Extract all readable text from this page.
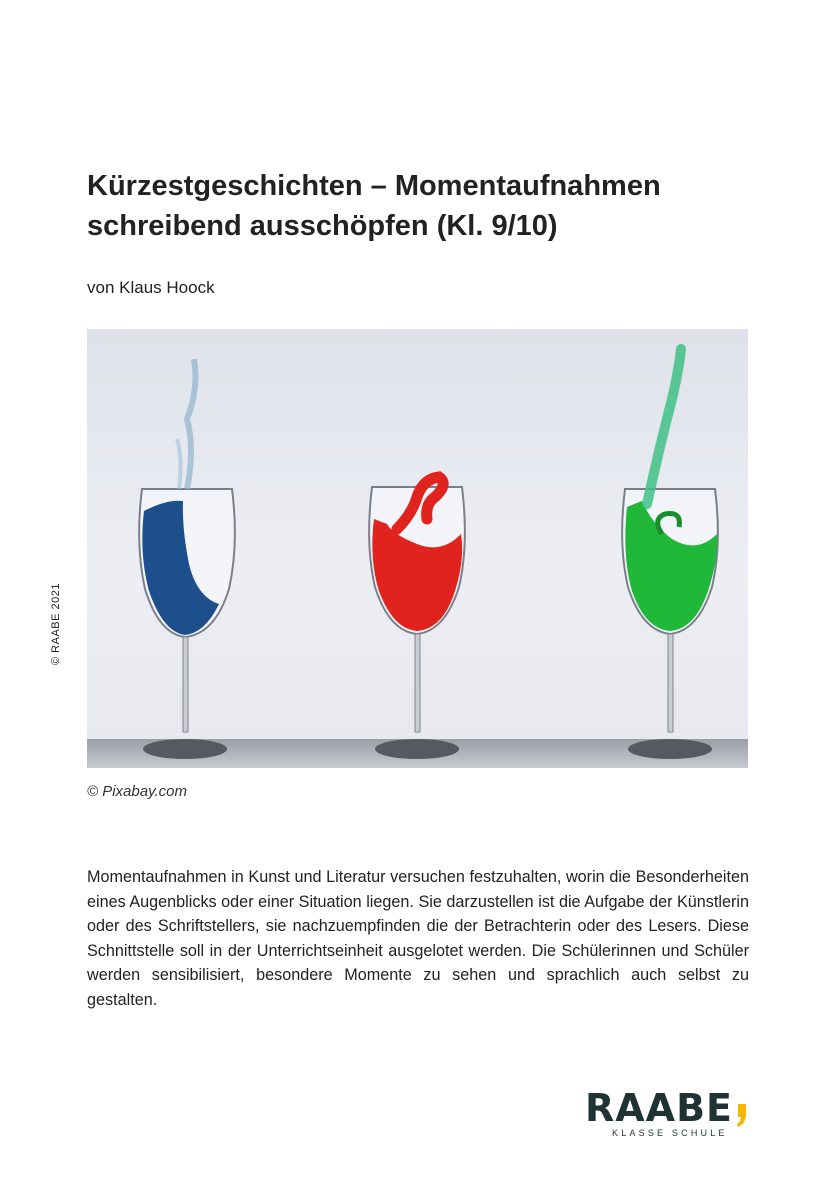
Kürzestgeschichten – Momentaufnahmen
schreibend ausschöpfen (Kl. 9/10)
von Klaus Hoock
© RAABE 2021
© Pixabay.com

Momentaufnahmen in Kunst und Literatur versuchen festzuhalten, worin die Besonderheiten eines Augenblicks oder einer Situation liegen. Sie darzustellen ist die Aufgabe der Künstlerin oder des Schriftstellers, sie nachzuempfinden die der Betrachterin oder des Lesers. Diese Schnittstelle soll in der Unterrichtseinheit ausgelotet werden. Die Schülerinnen und Schüler werden sensibilisiert, besondere Momente zu sehen und sprachlich auch selbst zu gestalten.

RAABE
KLASSE SCHULE
